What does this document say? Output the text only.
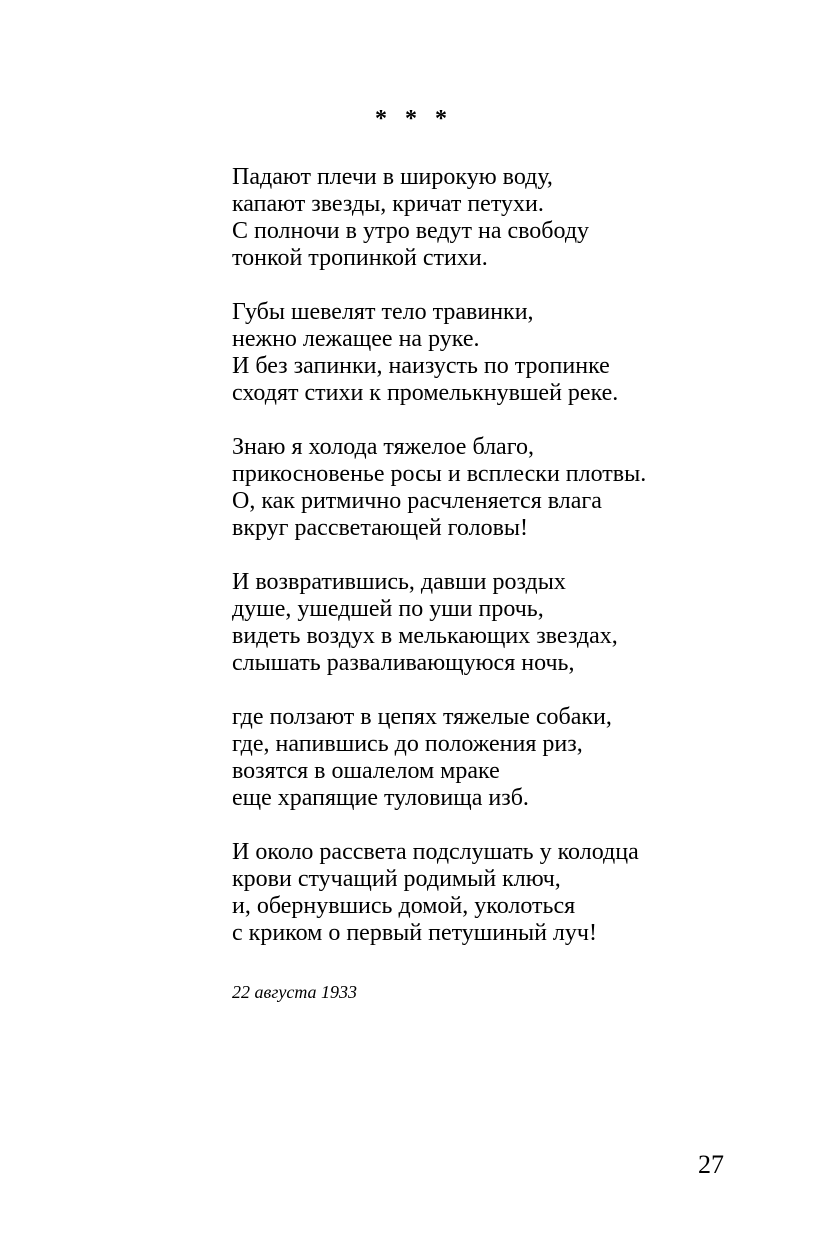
* * *
Падают плечи в широкую воду,
капают звезды, кричат петухи.
С полночи в утро ведут на свободу
тонкой тропинкой стихи.
Губы шевелят тело травинки,
нежно лежащее на руке.
И без запинки, наизусть по тропинке
сходят стихи к промелькнувшей реке.
Знаю я холода тяжелое благо,
прикосновенье росы и всплески плотвы.
О, как ритмично расчленяется влага
вкруг рассветающей головы!
И возвратившись, давши роздых
душе, ушедшей по уши прочь,
видеть воздух в мелькающих звездах,
слышать разваливающуюся ночь,
где ползают в цепях тяжелые собаки,
где, напившись до положения риз,
возятся в ошалелом мраке
еще храпящие туловища изб.
И около рассвета подслушать у колодца
крови стучащий родимый ключ,
и, обернувшись домой, уколоться
с криком о первый петушиный луч!
22 августа 1933
27
